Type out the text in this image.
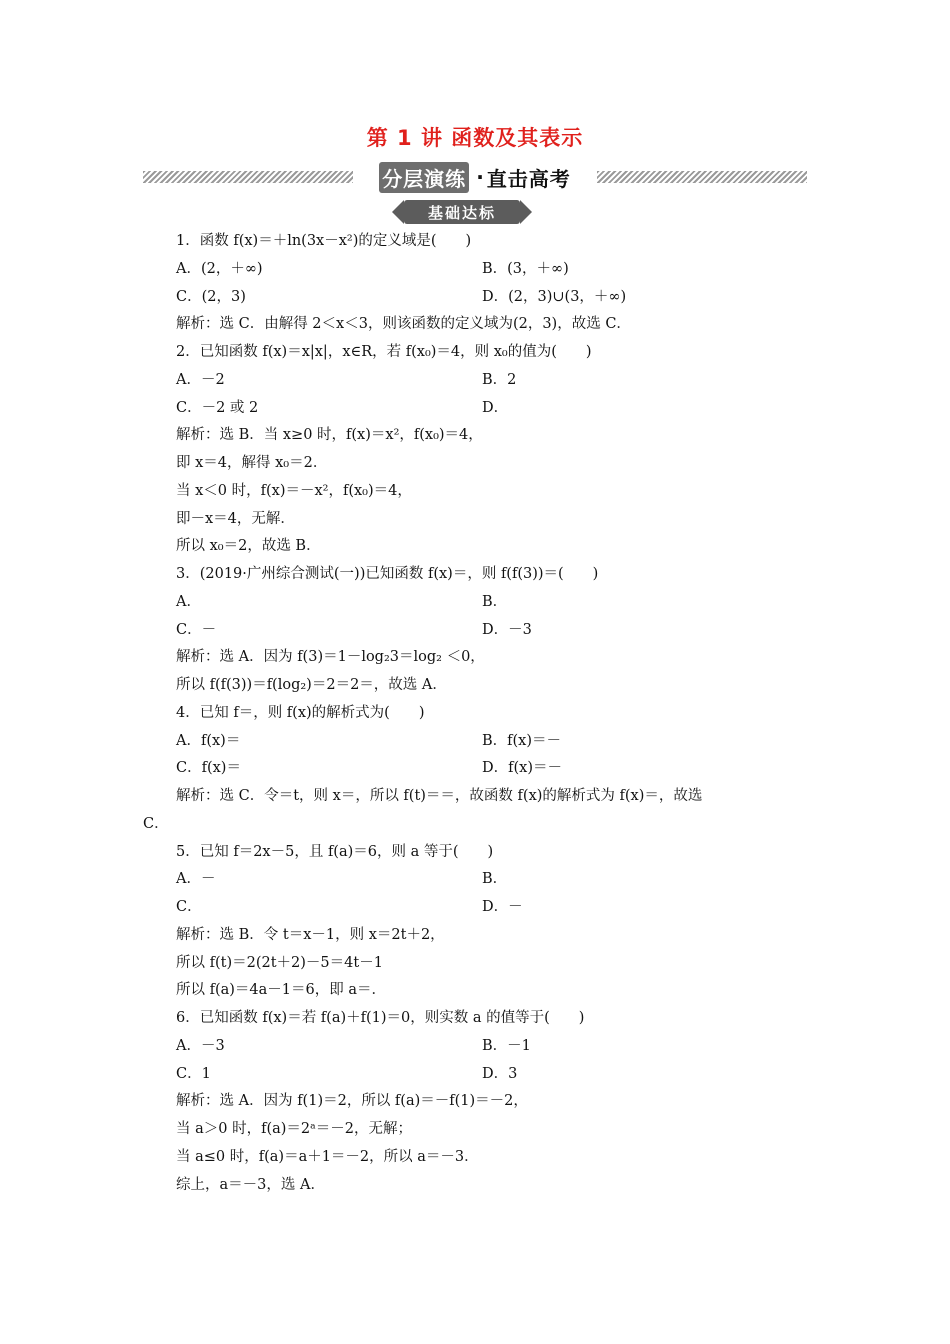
第 1 讲 函数及其表示
分层演练 · 直击高考
基础达标
1．函数 f(x)＝＋ln(3x－x²)的定义域是(　　)
A．(2，＋∞)	B．(3，＋∞)
C．(2，3)	D．(2，3)∪(3，＋∞)
解析：选 C．由解得 2＜x＜3，则该函数的定义域为(2，3)，故选 C．
2．已知函数 f(x)＝x|x|，x∈R，若 f(x₀)＝4，则 x₀的值为(　　)
A．－2	B．2
C．－2 或 2	D．
解析：选 B．当 x≥0 时，f(x)＝x²，f(x₀)＝4，
即 x＝4，解得 x₀＝2．
当 x＜0 时，f(x)＝－x²，f(x₀)＝4，
即－x＝4，无解．
所以 x₀＝2，故选 B．
3．(2019·广州综合测试(一))已知函数 f(x)＝，则 f(f(3))＝(　　)
A．	B．
C．－	D．－3
解析：选 A．因为 f(3)＝1－log₂3＝log₂ ＜0，
所以 f(f(3))＝f(log₂)＝2＝2＝，故选 A．
4．已知 f＝，则 f(x)的解析式为(　　)
A．f(x)＝	B．f(x)＝－
C．f(x)＝	D．f(x)＝－
解析：选 C．令＝t，则 x＝，所以 f(t)＝＝，故函数 f(x)的解析式为 f(x)＝，故选
C．
5．已知 f＝2x－5，且 f(a)＝6，则 a 等于(　　)
A．－	B．
C．	D．－
解析：选 B．令 t＝x－1，则 x＝2t＋2，
所以 f(t)＝2(2t＋2)－5＝4t－1
所以 f(a)＝4a－1＝6，即 a＝．
6．已知函数 f(x)＝若 f(a)＋f(1)＝0，则实数 a 的值等于(　　)
A．－3	B．－1
C．1	D．3
解析：选 A．因为 f(1)＝2，所以 f(a)＝－f(1)＝－2，
当 a＞0 时，f(a)＝2ᵃ＝－2，无解；
当 a≤0 时，f(a)＝a＋1＝－2，所以 a＝－3．
综上，a＝－3，选 A．
